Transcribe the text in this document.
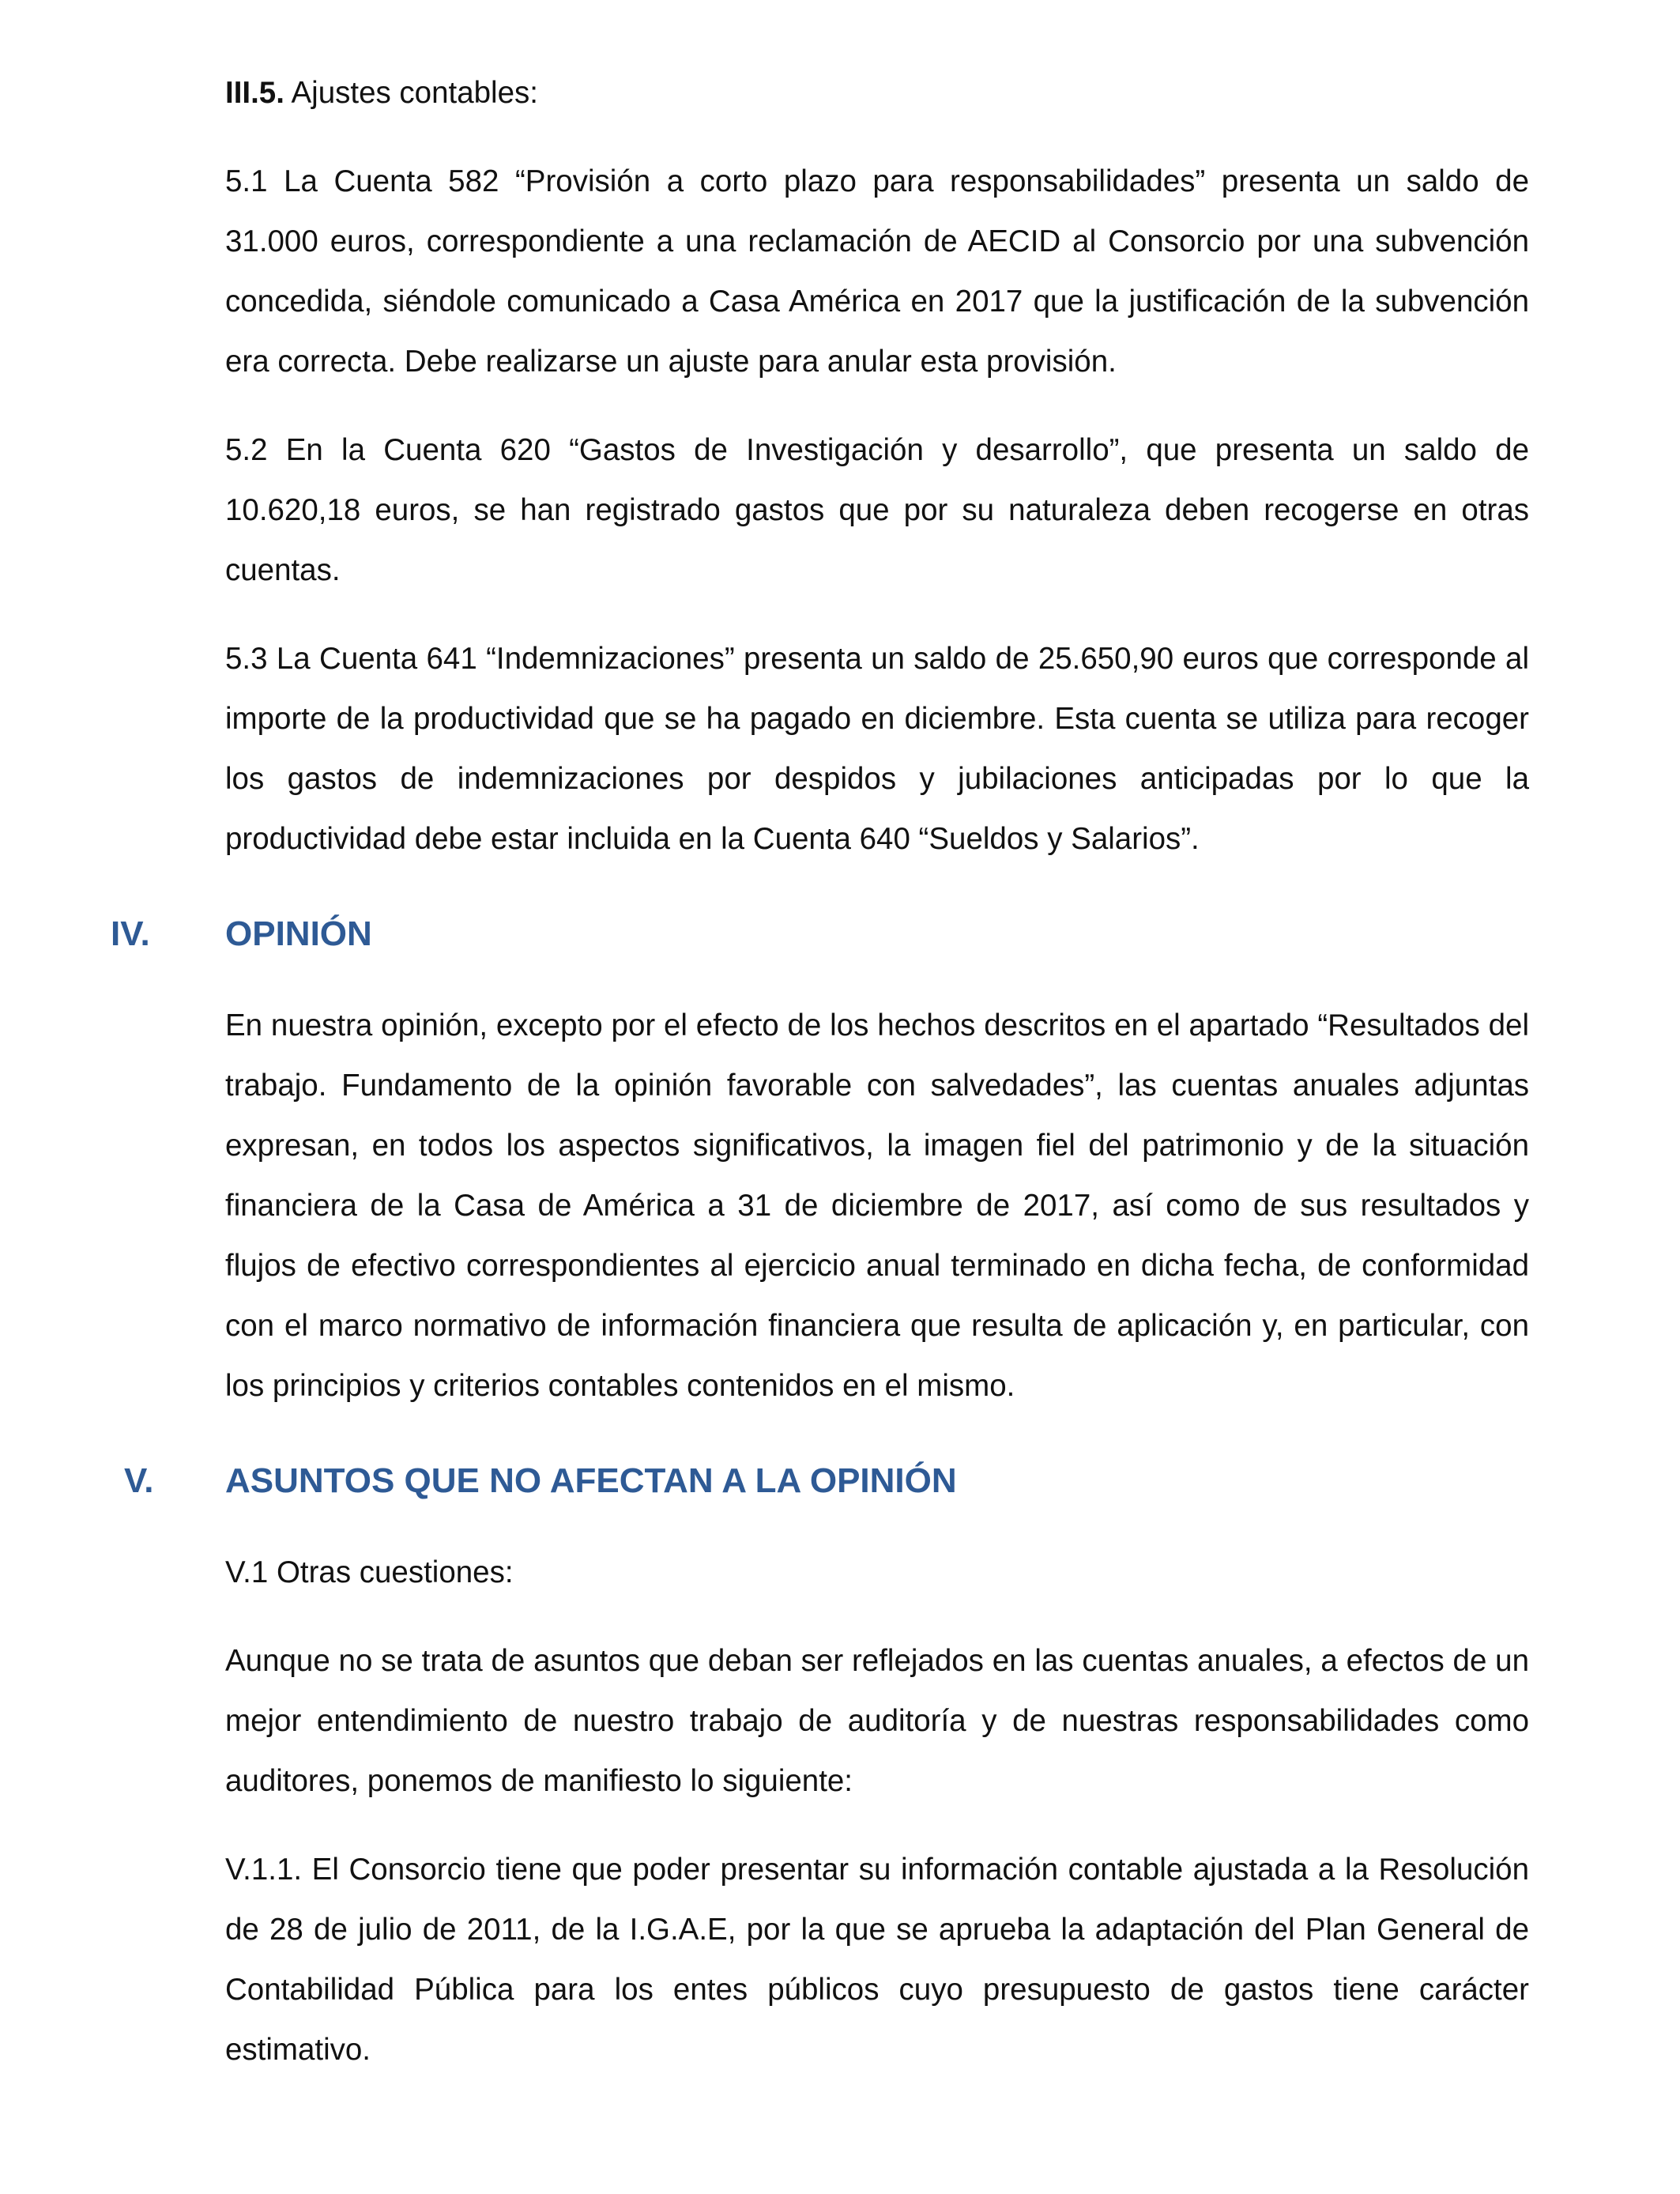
III.5. Ajustes contables:

5.1 La Cuenta 582 “Provisión a corto plazo para responsabilidades” presenta un saldo de 31.000 euros, correspondiente a una reclamación de AECID al Consorcio por una subvención concedida, siéndole comunicado a Casa América en 2017 que la justificación de la subvención era correcta. Debe realizarse un ajuste para anular esta provisión.

5.2 En la Cuenta 620 “Gastos de Investigación y desarrollo”, que presenta un saldo de 10.620,18 euros, se han registrado gastos que por su naturaleza deben recogerse en otras cuentas.

5.3 La Cuenta 641 “Indemnizaciones” presenta un saldo de 25.650,90 euros que corresponde al importe de la productividad que se ha pagado en diciembre. Esta cuenta se utiliza para recoger los gastos de indemnizaciones por despidos y jubilaciones anticipadas por lo que la productividad debe estar incluida en la Cuenta 640 “Sueldos y Salarios”.

IV.	OPINIÓN

En nuestra opinión, excepto por el efecto de los hechos descritos en el apartado “Resultados del trabajo. Fundamento de la opinión favorable con salvedades”, las cuentas anuales adjuntas expresan, en todos los aspectos significativos, la imagen fiel del patrimonio y de la situación financiera de la Casa de América a 31 de diciembre de 2017, así como de sus resultados y flujos de efectivo correspondientes al ejercicio anual terminado en dicha fecha, de conformidad con el marco normativo de información financiera que resulta de aplicación y, en particular, con los principios y criterios contables contenidos en el mismo.

V.	ASUNTOS QUE NO AFECTAN A LA OPINIÓN

V.1 Otras cuestiones:

Aunque no se trata de asuntos que deban ser reflejados en las cuentas anuales, a efectos de un mejor entendimiento de nuestro trabajo de auditoría y de nuestras responsabilidades como auditores, ponemos de manifiesto lo siguiente:

V.1.1. El Consorcio tiene que poder presentar su información contable ajustada a la Resolución de 28 de julio de 2011, de la I.G.A.E, por la que se aprueba la adaptación del Plan General de Contabilidad Pública para los entes públicos cuyo presupuesto de gastos tiene carácter estimativo.
